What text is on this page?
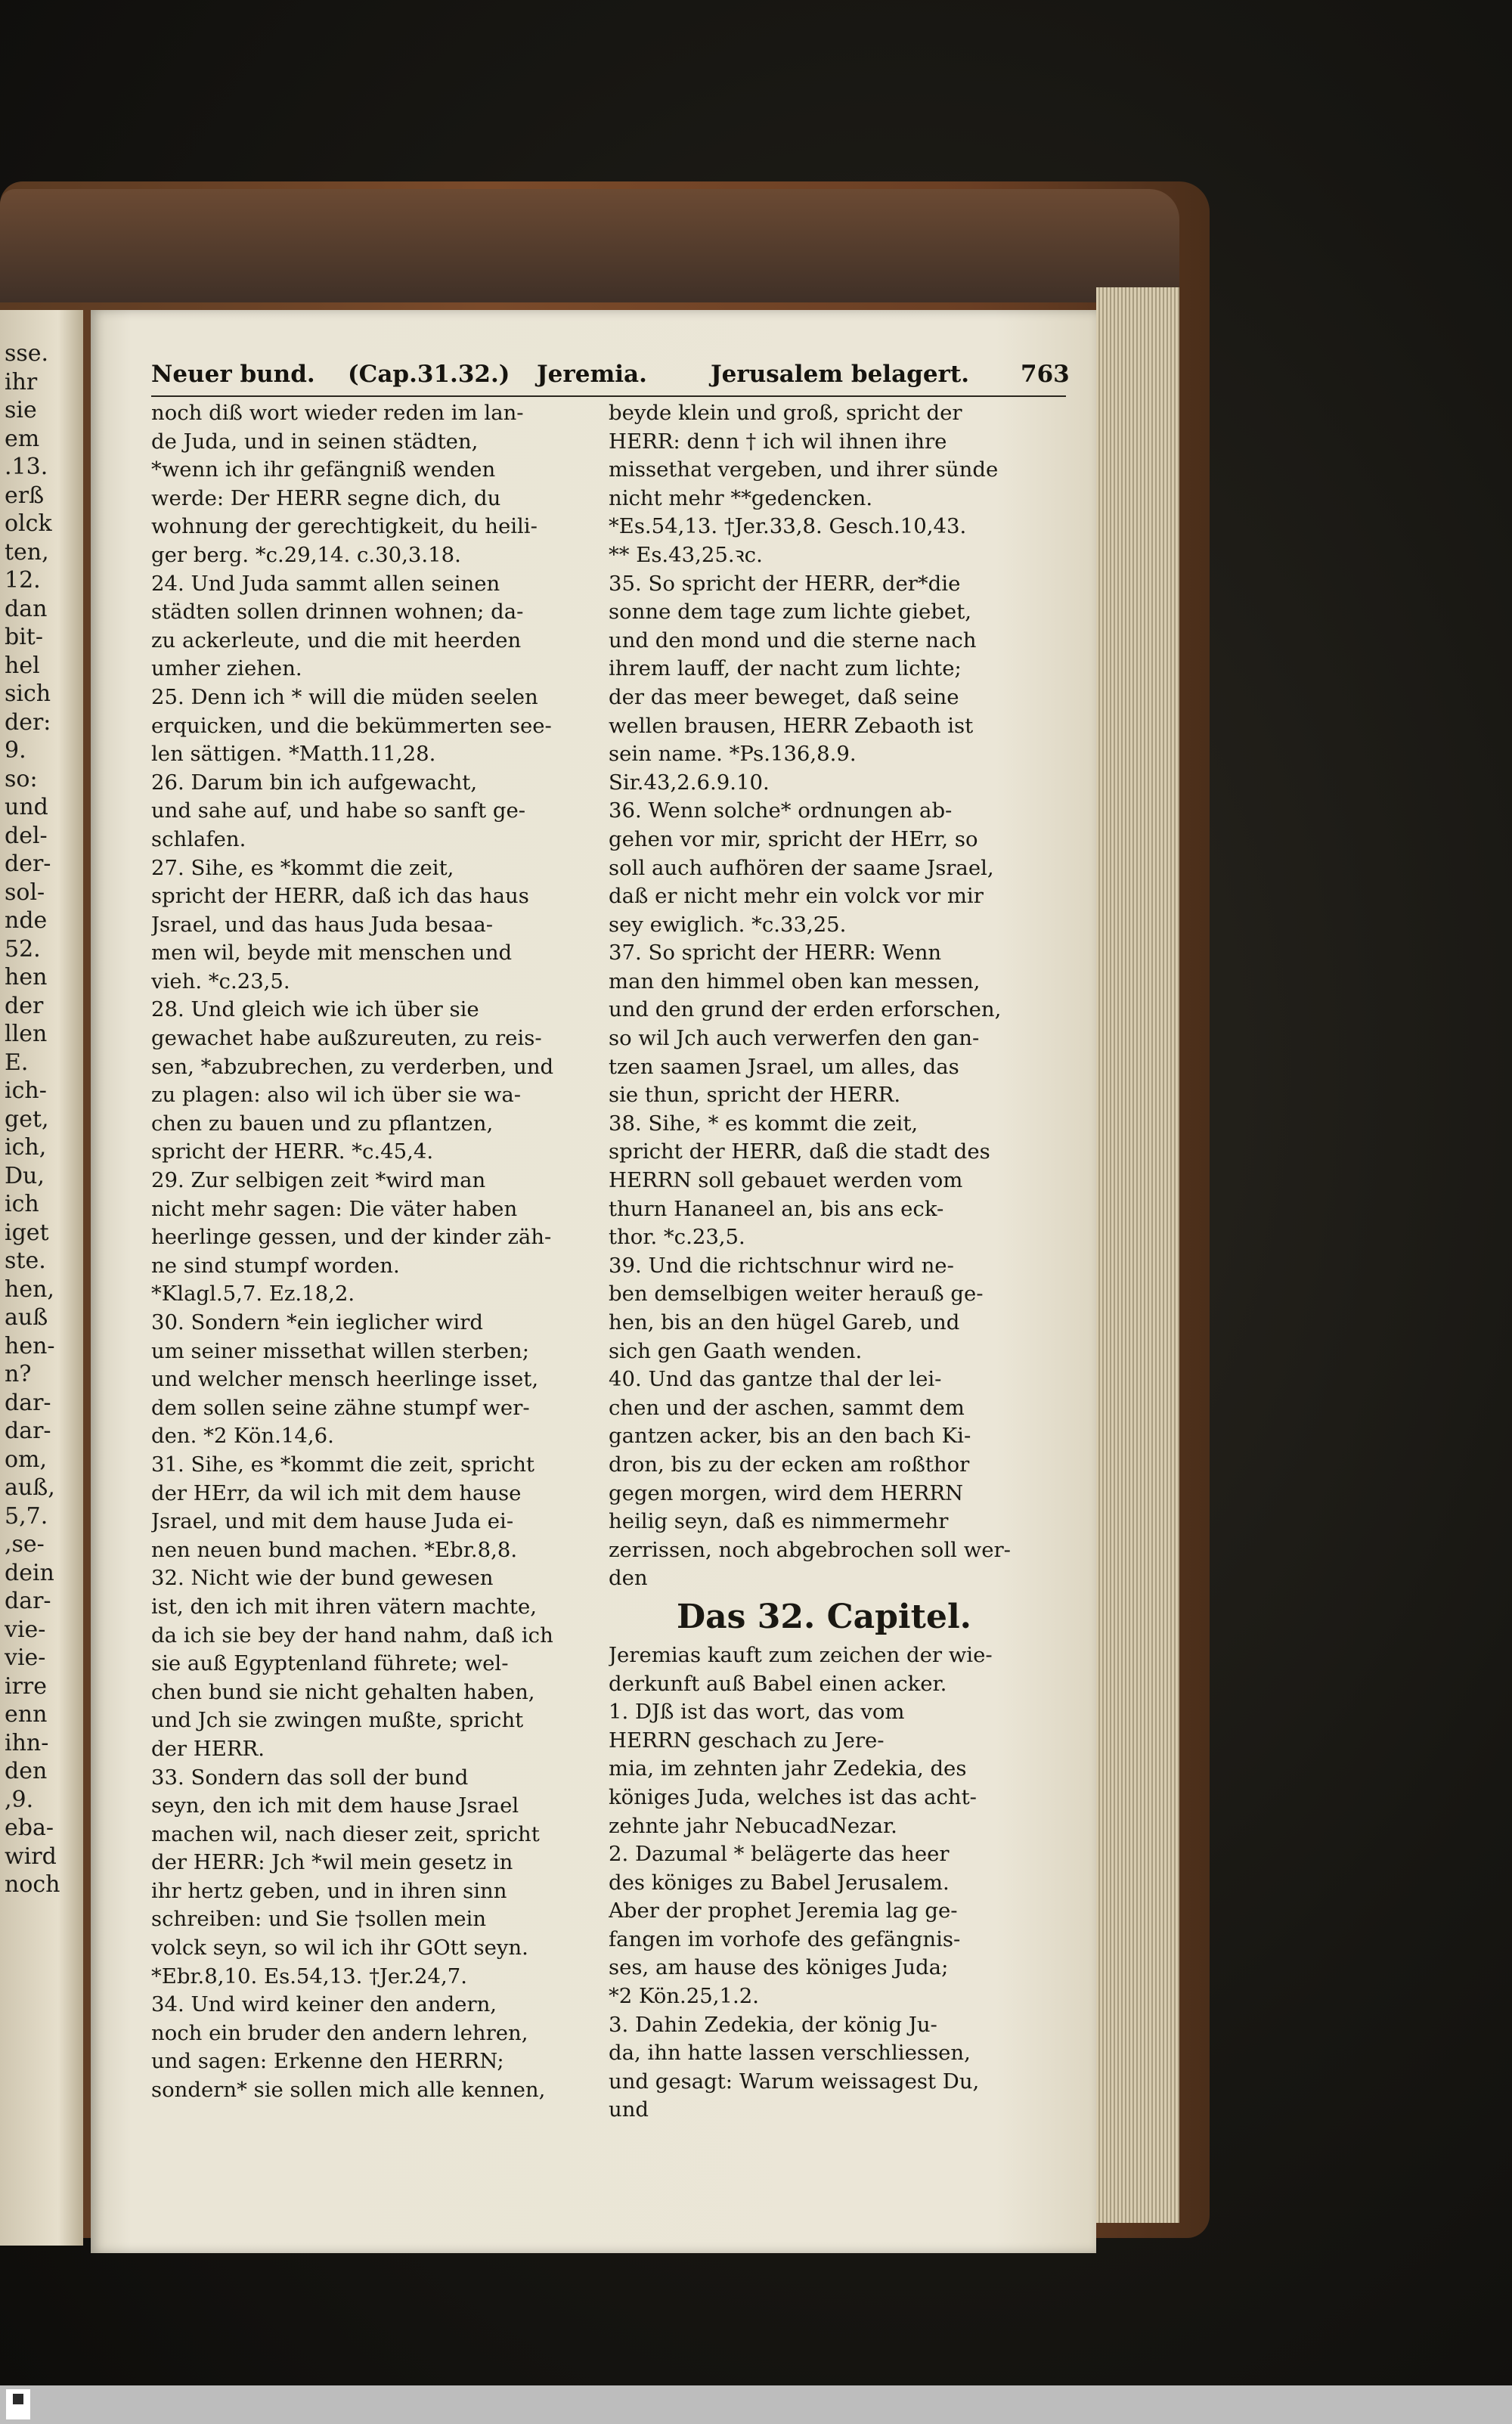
sse.
ihr
sie
em
.13.
erß
olck
ten,
12.
dan
bit-
hel
sich
der:
9.
so:
und
del-
der-
sol-
nde
52.
hen
der
llen
E.
ich-
get,
ich,
Du,
ich
iget
ste.
hen,
auß
hen-
n?
dar-
dar-
om,
auß,
5,7.
,se-
dein
dar-
vie-
vie-
irre
enn
ihn-
den
,9.
eba-
wird
noch
Neuer bund. (Cap.31.32.) Jeremia.	Jerusalem belagert. 763
noch diß wort wieder reden im lan-
de Juda, und in seinen städten,
*wenn ich ihr gefängniß wenden
werde: Der HERR segne dich, du
wohnung der gerechtigkeit, du heili-
ger berg. *c.29,14. c.30,3.18.
24. Und Juda sammt allen seinen
städten sollen drinnen wohnen; da-
zu ackerleute, und die mit heerden
umher ziehen.
25. Denn ich * will die müden seelen
erquicken, und die bekümmerten see-
len sättigen. *Matth.11,28.
26. Darum bin ich aufgewacht,
und sahe auf, und habe so sanft ge-
schlafen.
27. Sihe, es *kommt die zeit,
spricht der HERR, daß ich das haus
Jsrael, und das haus Juda besaa-
men wil, beyde mit menschen und
vieh. *c.23,5.
28. Und gleich wie ich über sie
gewachet habe außzureuten, zu reis-
sen, *abzubrechen, zu verderben, und
zu plagen: also wil ich über sie wa-
chen zu bauen und zu pflantzen,
spricht der HERR. *c.45,4.
29. Zur selbigen zeit *wird man
nicht mehr sagen: Die väter haben
heerlinge gessen, und der kinder zäh-
ne sind stumpf worden.
*Klagl.5,7. Ez.18,2.
30. Sondern *ein ieglicher wird
um seiner missethat willen sterben;
und welcher mensch heerlinge isset,
dem sollen seine zähne stumpf wer-
den. *2 Kön.14,6.
31. Sihe, es *kommt die zeit, spricht
der HErr, da wil ich mit dem hause
Jsrael, und mit dem hause Juda ei-
nen neuen bund machen. *Ebr.8,8.
32. Nicht wie der bund gewesen
ist, den ich mit ihren vätern machte,
da ich sie bey der hand nahm, daß ich
sie auß Egyptenland führete; wel-
chen bund sie nicht gehalten haben,
und Jch sie zwingen mußte, spricht
der HERR.
33. Sondern das soll der bund
seyn, den ich mit dem hause Jsrael
machen wil, nach dieser zeit, spricht
der HERR: Jch *wil mein gesetz in
ihr hertz geben, und in ihren sinn
schreiben: und Sie †sollen mein
volck seyn, so wil ich ihr GOtt seyn.
*Ebr.8,10. Es.54,13. †Jer.24,7.
34. Und wird keiner den andern,
noch ein bruder den andern lehren,
und sagen: Erkenne den HERRN;
sondern* sie sollen mich alle kennen,
beyde klein und groß, spricht der
HERR: denn † ich wil ihnen ihre
missethat vergeben, und ihrer sünde
nicht mehr **gedencken.
*Es.54,13. †Jer.33,8. Gesch.10,43.
** Es.43,25.ꝛc.
35. So spricht der HERR, der*die
sonne dem tage zum lichte giebet,
und den mond und die sterne nach
ihrem lauff, der nacht zum lichte;
der das meer beweget, daß seine
wellen brausen, HERR Zebaoth ist
sein name. *Ps.136,8.9.
Sir.43,2.6.9.10.
36. Wenn solche* ordnungen ab-
gehen vor mir, spricht der HErr, so
soll auch aufhören der saame Jsrael,
daß er nicht mehr ein volck vor mir
sey ewiglich. *c.33,25.
37. So spricht der HERR: Wenn
man den himmel oben kan messen,
und den grund der erden erforschen,
so wil Jch auch verwerfen den gan-
tzen saamen Jsrael, um alles, das
sie thun, spricht der HERR.
38. Sihe, * es kommt die zeit,
spricht der HERR, daß die stadt des
HERRN soll gebauet werden vom
thurn Hananeel an, bis ans eck-
thor. *c.23,5.
39. Und die richtschnur wird ne-
ben demselbigen weiter herauß ge-
hen, bis an den hügel Gareb, und
sich gen Gaath wenden.
40. Und das gantze thal der lei-
chen und der aschen, sammt dem
gantzen acker, bis an den bach Ki-
dron, bis zu der ecken am roßthor
gegen morgen, wird dem HERRN
heilig seyn, daß es nimmermehr
zerrissen, noch abgebrochen soll wer-
den
Das 32. Capitel.
Jeremias kauft zum zeichen der wie-
derkunft auß Babel einen acker.
1. DJß ist das wort, das vom
HERRN geschach zu Jere-
mia, im zehnten jahr Zedekia, des
königes Juda, welches ist das acht-
zehnte jahr NebucadNezar.
2. Dazumal * belägerte das heer
des königes zu Babel Jerusalem.
Aber der prophet Jeremia lag ge-
fangen im vorhofe des gefängnis-
ses, am hause des königes Juda;
*2 Kön.25,1.2.
3. Dahin Zedekia, der könig Ju-
da, ihn hatte lassen verschliessen,
und gesagt: Warum weissagest Du,
und
